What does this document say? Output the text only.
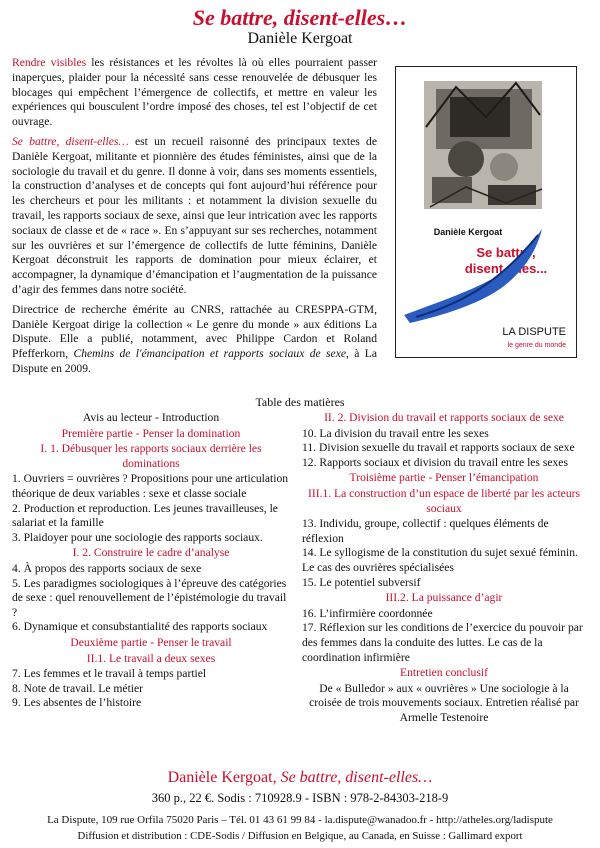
Se battre, disent-elles…
Danièle Kergoat

Rendre visibles les résistances et les révoltes là où elles pourraient passer inaperçues, plaider pour la nécessité sans cesse renouvelée de débusquer les blocages qui empêchent l’émergence de collectifs, et mettre en valeur les expériences qui bousculent l’ordre imposé des choses, tel est l’objectif de cet ouvrage.

Se battre, disent-elles… est un recueil raisonné des principaux textes de Danièle Kergoat, militante et pionnière des études féministes, ainsi que de la sociologie du travail et du genre. Il donne à voir, dans ses moments essentiels, la construction d’analyses et de concepts qui font aujourd’hui référence pour les chercheurs et pour les militants : et notamment la division sexuelle du travail, les rapports sociaux de sexe, ainsi que leur intrication avec les rapports sociaux de classe et de « race ». En s’appuyant sur ses recherches, notamment sur les ouvrières et sur l’émergence de collectifs de lutte féminins, Danièle Kergoat déconstruit les rapports de domination pour mieux éclairer, et accompagner, la dynamique d’émancipation et l’augmentation de la puissance d’agir des femmes dans notre société.

Directrice de recherche émérite au CNRS, rattachée au CRESPPA-GTM, Danièle Kergoat dirige la collection « Le genre du monde » aux éditions La Dispute. Elle a publié, notamment, avec Philippe Cardon et Roland Pfefferkorn, Chemins de l'émancipation et rapports sociaux de sexe, à La Dispute en 2009.

Danièle Kergoat
Se battre,
disent-elles...
LA DISPUTE
le genre du monde
Table des matières
Avis au lecteur - Introduction
Première partie - Penser la domination
I. 1. Débusquer les rapports sociaux derrière les dominations
1. Ouvriers = ouvrières ? Propositions pour une articulation théorique de deux variables : sexe et classe sociale
2. Production et reproduction. Les jeunes travailleuses, le salariat et la famille
3. Plaidoyer pour une sociologie des rapports sociaux.
I. 2. Construire le cadre d’analyse
4. À propos des rapports sociaux de sexe
5. Les paradigmes sociologiques à l’épreuve des catégories de sexe : quel renouvellement de l’épistémologie du travail ?
6. Dynamique et consubstantialité des rapports sociaux
Deuxième partie - Penser le travail
II.1. Le travail a deux sexes
7. Les femmes et le travail à temps partiel
8. Note de travail. Le métier
9. Les absentes de l’histoire
II. 2. Division du travail et rapports sociaux de sexe
10. La division du travail entre les sexes
11. Division sexuelle du travail et rapports sociaux de sexe
12. Rapports sociaux et division du travail entre les sexes
Troisième partie - Penser l’émancipation
III.1. La construction d’un espace de liberté par les acteurs sociaux
13. Individu, groupe, collectif : quelques éléments de réflexion
14. Le syllogisme de la constitution du sujet sexué féminin. Le cas des ouvrières spécialisées
15. Le potentiel subversif
III.2. La puissance d’agir
16. L’infirmière coordonnée
17. Réflexion sur les conditions de l’exercice du pouvoir par des femmes dans la conduite des luttes. Le cas de la coordination infirmière
Entretien conclusif
De « Bulledor » aux « ouvrières » Une sociologie à la croisée de trois mouvements sociaux. Entretien réalisé par Armelle Testenoire
Danièle Kergoat, Se battre, disent-elles…
360 p., 22 €. Sodis : 710928.9 - ISBN : 978-2-84303-218-9
La Dispute, 109 rue Orfila 75020 Paris – Tél. 01 43 61 99 84 - la.dispute@wanadoo.fr - http://atheles.org/ladispute
Diffusion et distribution : CDE-Sodis / Diffusion en Belgique, au Canada, en Suisse : Gallimard export
